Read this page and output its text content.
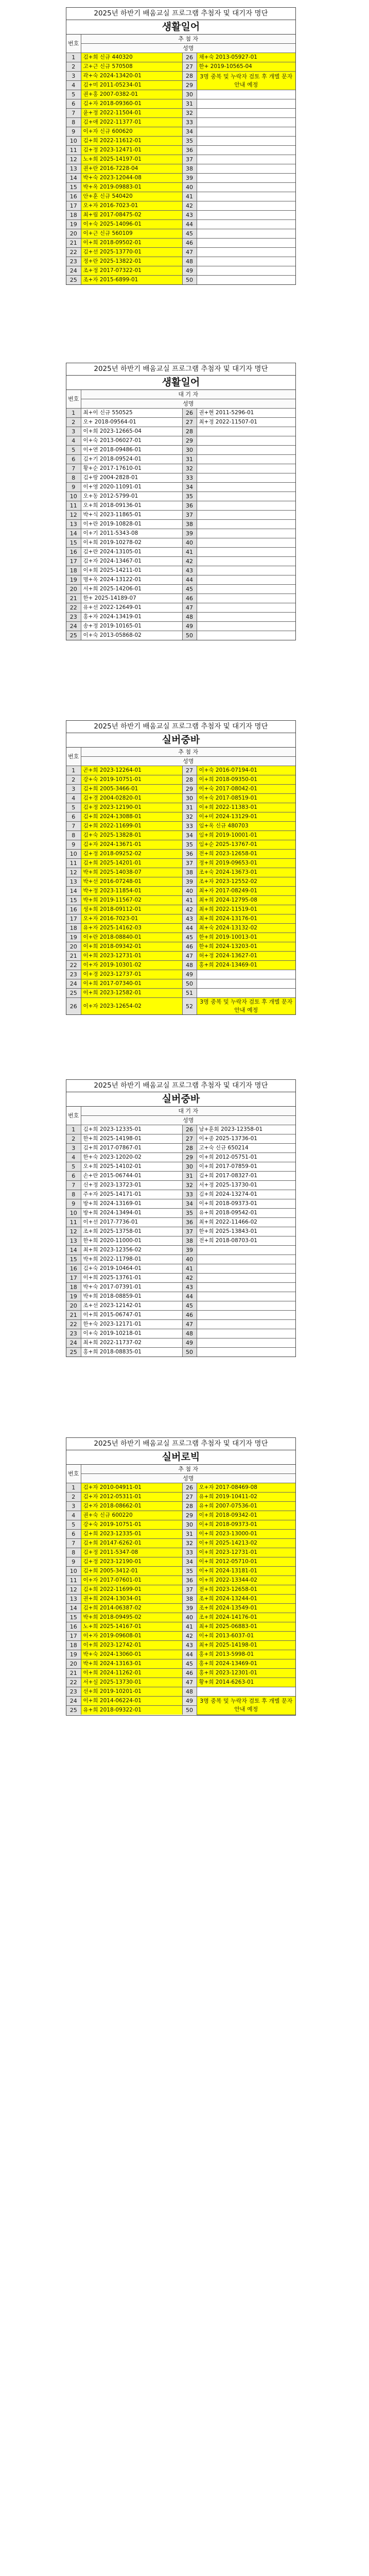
2025년 하반기 배움교실 프로그램 추첨자 및 대기자 명단
생활일어
번호	추 첨 자		
	성명		
1	김+희 신규 440320	26	채+숙 2013-05927-01
2	고+근 신규 570508	27	한+ 2019-10565-04
3	곽+숙 2024-13420-01	28	3명 중복 및 누락자 검토 후 개별 문자 안내 예정
4	김+미 2011-05234-01	29	
5	권+홍 2007-0382-01	30	
6	김+자 2018-09360-01	31	
7	윤+정 2022-11504-01	32	
8	김+애 2022-11377-01	33	
9	이+자 신규 600620	34	
10	김+희 2022-11612-01	35	
11	김+정 2023-12471-01	36	
12	노+희 2025-14197-01	37	
13	권+란 2016-7228-04	38	
14	박+숙 2023-12044-08	39	
15	박+옥 2019-09883-01	40	
16	안+훈 신규 540420	41	
17	오+자 2016-7023-01	42	
18	최+림 2017-08475-02	43	
19	이+숙 2025-14096-01	44	
20	이+근 신규 560109	45	
21	이+희 2018-09502-01	46	
22	김+선 2025-13770-01	47	
23	정+란 2025-13822-01	48	
24	조+정 2017-07322-01	49	
25	조+자 2015-6899-01	50	
2025년 하반기 배움교실 프로그램 추첨자 및 대기자 명단
생활일어
번호	대 기 자		
	성명		
1	최+이 신규 550525	26	권+현 2011-5296-01
2	오+ 2018-09564-01	27	최+정 2022-11507-01
3	이+희 2023-12665-04	28	
4	이+숙 2013-06027-01	29	
5	이+연 2018-09486-01	30	
6	김+기 2018-09524-01	31	
7	황+순 2017-17610-01	32	
8	김+랑 2004-2828-01	33	
9	이+영 2020-11091-01	34	
10	오+동 2012-5799-01	35	
11	오+희 2018-09136-01	36	
12	박+식 2023-11865-01	37	
13	이+란 2019-10828-01	38	
14	이+기 2011-5343-08	39	
15	이+희 2019-10278-02	40	
16	김+란 2024-13105-01	41	
17	김+자 2024-13467-01	42	
18	이+희 2025-14211-01	43	
19	명+옥 2024-13122-01	44	
20	서+희 2025-14206-01	45	
21	한+ 2025-14189-07	46	
22	유+선 2022-12649-01	47	
23	홍+자 2024-13419-01	48	
24	송+정 2019-10165-01	49	
25	이+숙 2013-05868-02	50	
2025년 하반기 배움교실 프로그램 추첨자 및 대기자 명단
실버중바
번호	추 첨 자		
	성명		
1	곤+희 2023-12264-01	27	이+숙 2016-07194-01
2	강+숙 2019-10751-01	28	이+희 2018-09350-01
3	김+희 2005-3466-01	29	이+숙 2017-08042-01
4	김+경 2004-02820-01	30	이+숙 2017-08519-01
5	김+정 2023-12190-01	31	이+희 2022-11383-01
6	김+희 2024-13088-01	32	이+미 2024-13129-01
7	김+희 2022-11699-01	33	임+옥 신규 480703
8	김+숙 2025-13828-01	34	임+희 2019-10001-01
9	김+자 2024-13671-01	35	임+순 2025-13767-01
10	김+정 2018-09252-02	36	전+희 2023-12658-01
11	김+희 2025-14201-01	37	정+희 2019-09653-01
12	박+희 2025-14038-07	38	조+숙 2024-13673-01
13	박+선 2016-07248-01	39	조+자 2023-12552-02
14	박+정 2023-11854-01	40	최+자 2017-08249-01
15	박+희 2019-11567-02	41	최+희 2024-12795-08
16	성+희 2018-09112-01	42	최+희 2022-11519-01
17	오+자 2016-7023-01	43	최+희 2024-13176-01
18	유+자 2025-14162-03	44	최+숙 2024-13132-02
19	이+란 2018-08840-01	45	한+희 2019-10013-01
20	이+희 2018-09342-01	46	한+희 2024-13203-01
21	이+희 2023-12731-01	47	허+정 2024-13627-01
22	이+자 2019-10301-02	48	홍+희 2024-13469-01
23	이+경 2023-12737-01	49	
24	이+희 2017-07340-01	50	
25	이+희 2023-12582-01	51	
26	이+자 2023-12654-02	52	3명 중복 및 누락자 검토 후 개별 문자 안내 예정
2025년 하반기 배움교실 프로그램 추첨자 및 대기자 명단
실버중바
번호	대 기 자		
	성명		
1	김+희 2023-12335-01	26	남+훈회 2023-12358-01
2	한+희 2025-14198-01	27	이+종 2025-13736-01
3	김+희 2017-07867-01	28	고+숙 신규 650214
4	한+숙 2023-12020-02	29	이+희 2012-05751-01
5	오+희 2025-14102-01	30	이+희 2017-07859-01
6	손+란 2015-06744-01	31	김+희 2017-08327-01
7	신+정 2023-13723-01	32	서+정 2025-13730-01
8	주+자 2025-14171-01	33	김+희 2024-13274-01
9	방+희 2024-13169-01	34	이+희 2018-09373-01
10	방+희 2024-13494-01	35	유+희 2018-09542-01
11	이+선 2017-7736-01	36	최+희 2022-11466-02
12	조+희 2025-13758-01	37	한+희 2025-13843-01
13	한+희 2020-11000-01	38	전+희 2018-08703-01
14	최+희 2023-12356-02	39	
15	박+희 2022-11798-01	40	
16	김+숙 2019-10464-01	41	
17	이+희 2025-13761-01	42	
18	박+숙 2017-07391-01	43	
19	박+희 2018-08859-01	44	
20	조+선 2023-12142-01	45	
21	이+희 2015-06747-01	46	
22	한+숙 2023-12171-01	47	
23	이+숙 2019-10218-01	48	
24	최+희 2022-11737-02	49	
25	홍+희 2018-08835-01	50	
2025년 하반기 배움교실 프로그램 추첨자 및 대기자 명단
실버로빅
번호	추 첨 자		
	성명		
1	김+자 2010-04911-01	26	오+자 2017-08469-08
2	김+자 2012-05311-01	27	유+희 2019-10411-02
3	김+자 2018-08662-01	28	유+희 2007-07536-01
4	권+숙 신규 600220	29	이+희 2018-09342-01
5	강+숙 2019-10751-01	30	이+희 2018-09373-01
6	김+희 2023-12335-01	31	이+희 2023-13000-01
7	김+희 20147-6262-01	32	이+희 2025-14213-02
8	김+정 2011-5347-08	33	이+희 2023-12731-01
9	김+정 2023-12190-01	34	이+희 2012-05710-01
10	김+희 2005-3412-01	35	이+희 2024-13181-01
11	이+자 2017-07601-01	36	이+희 2022-13344-02
12	김+희 2022-11699-01	37	전+희 2023-12658-01
13	권+희 2024-13034-01	38	조+희 2024-13244-01
14	김+희 2014-06387-02	39	조+희 2024-13549-01
15	박+희 2018-09495-02	40	조+희 2024-14176-01
16	노+희 2025-14167-01	41	최+희 2025-06883-01
17	이+자 2019-09608-01	42	이+희 2013-6037-01
18	이+희 2023-12742-01	43	최+희 2025-14198-01
19	박+숙 2024-13060-01	44	홍+희 2013-5998-01
20	박+희 2024-13163-01	45	홍+희 2024-13469-01
21	이+희 2024-11262-01	46	홍+희 2023-12301-01
22	서+실 2025-13730-01	47	황+희 2014-6263-01
23	선+희 2019-10201-01	48	
24	이+희 2014-06224-01	49	3명 중복 및 누락자 검토 후 개별 문자 안내 예정
25	유+희 2018-09322-01	50	
